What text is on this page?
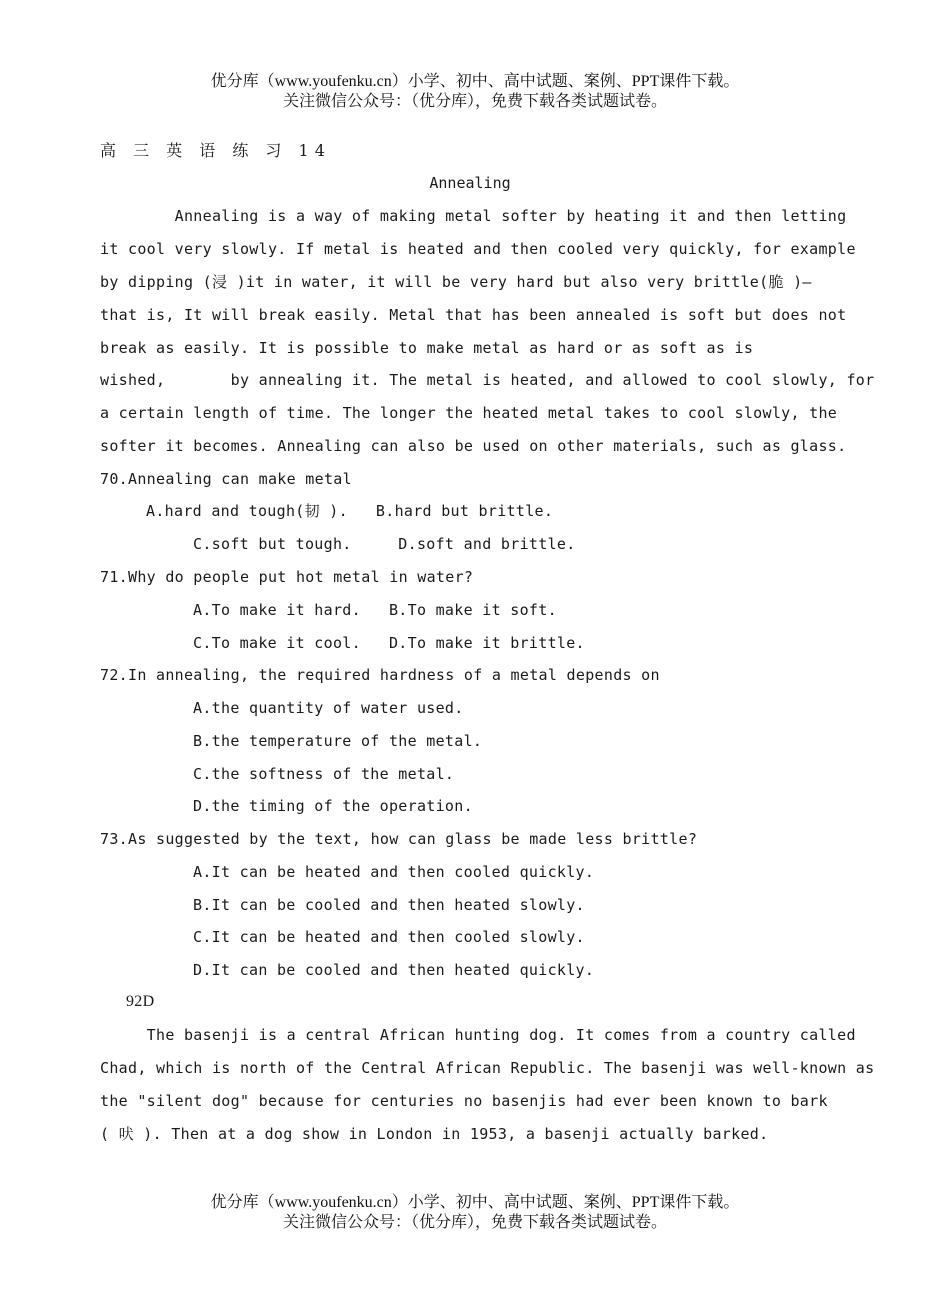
优分库（www.youfenku.cn）小学、初中、高中试题、案例、PPT课件下载。
关注微信公众号：（优分库），免费下载各类试题试卷。
高 三 英 语 练 习 14
Annealing
Annealing is a way of making metal softer by heating it and then letting
it cool very slowly. If metal is heated and then cooled very quickly, for example
by dipping (浸 )it in water, it will be very hard but also very brittle(脆 )—
that is, It will break easily. Metal that has been annealed is soft but does not
break as easily. It is possible to make metal as hard or as soft as is
wished,       by annealing it. The metal is heated, and allowed to cool slowly, for
a certain length of time. The longer the heated metal takes to cool slowly, the
softer it becomes. Annealing can also be used on other materials, such as glass.
70.Annealing can make metal
A.hard and tough(韧 ).   B.hard but brittle.
C.soft but tough.     D.soft and brittle.
71.Why do people put hot metal in water?
A.To make it hard.   B.To make it soft.
C.To make it cool.   D.To make it brittle.
72.In annealing, the required hardness of a metal depends on
A.the quantity of water used.
B.the temperature of the metal.
C.the softness of the metal.
D.the timing of the operation.
73.As suggested by the text, how can glass be made less brittle?
A.It can be heated and then cooled quickly.
B.It can be cooled and then heated slowly.
C.It can be heated and then cooled slowly.
D.It can be cooled and then heated quickly.
92D
The basenji is a central African hunting dog. It comes from a country called
Chad, which is north of the Central African Republic. The basenji was well-known as
the "silent dog" because for centuries no basenjis had ever been known to bark
( 吠 ). Then at a dog show in London in 1953, a basenji actually barked.
优分库（www.youfenku.cn）小学、初中、高中试题、案例、PPT课件下载。
关注微信公众号：（优分库），免费下载各类试题试卷。
